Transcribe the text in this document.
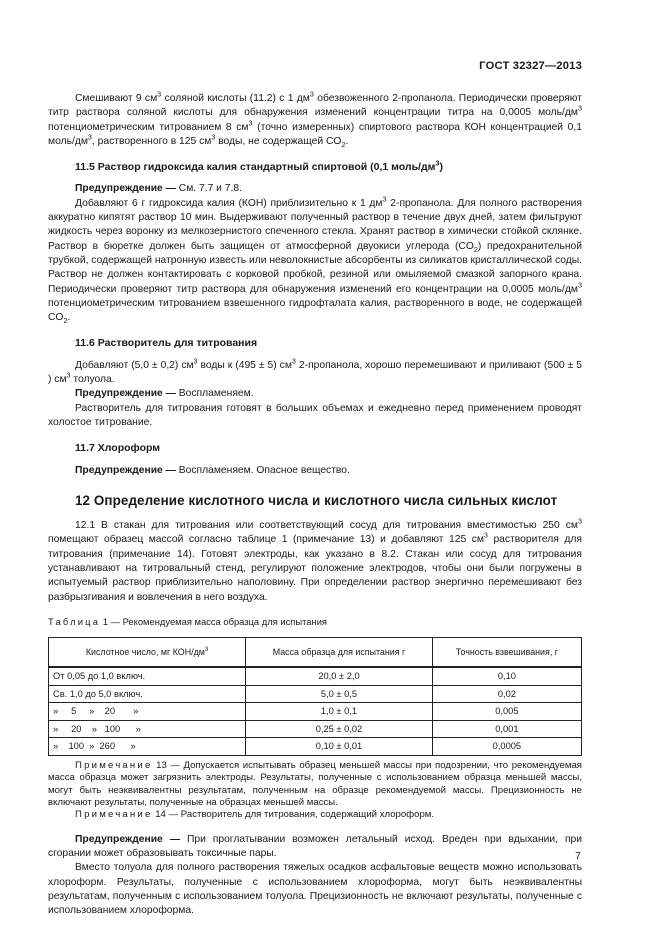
ГОСТ 32327—2013

Смешивают 9 $см^3$ соляной кислоты (11.2) с 1 $дм^3$ обезвоженного 2-пропанола. Периодически проверяют титр раствора соляной кислоты для обнаружения изменений концентрации титра на 0,0005 моль/$дм^3$ потенциометрическим титрованием 8 $см^3$ (точно измеренных) спиртового раствора КОН концентрацией 0,1 моль/$дм^3$, растворенного в 125 $см^3$ воды, не содержащей $CO_2$.

11.5 Раствор гидроксида калия стандартный спиртовой (0,1 моль/$дм^3$)

Предупреждение — См. 7.7 и 7.8.

Добавляют 6 г гидроксида калия (КОН) приблизительно к 1 $дм^3$ 2-пропанола. Для полного растворения аккуратно кипятят раствор 10 мин. Выдерживают полученный раствор в течение двух дней, затем фильтруют жидкость через воронку из мелкозернистого спеченного стекла. Хранят раствор в химически стойкой склянке. Раствор в бюретке должен быть защищен от атмосферной двуокиси углерода $(CO_2)$ предохранительной трубкой, содержащей натронную известь или неволокнистые абсорбенты из силикатов кристаллической соды. Раствор не должен контактировать с корковой пробкой, резиной или омыляемой смазкой запорного крана. Периодически проверяют титр раствора для обнаружения изменений его концентрации на 0,0005 моль/$дм^3$ потенциометрическим титрованием взвешенного гидрофталата калия, растворенного в воде, не содержащей $CO_2$.

11.6 Растворитель для титрования

Добавляют (5,0 ± 0,2) $см^3$ воды к (495 ± 5) $см^3$ 2-пропанола, хорошо перемешивают и приливают (500 ± 5 ) $см^3$ толуола.

Предупреждение — Воспламеняем.

Растворитель для титрования готовят в больших объемах и ежедневно перед применением проводят холостое титрование.

11.7 Хлороформ

Предупреждение — Воспламеняем. Опасное вещество.

12 Определение кислотного числа и кислотного числа сильных кислот

12.1 В стакан для титрования или соответствующий сосуд для титрования вместимостью 250 $см^3$ помещают образец массой согласно таблице 1 (примечание 13) и добавляют 125 $см^3$ растворителя для титрования (примечание 14). Готовят электроды, как указано в 8.2. Стакан или сосуд для титрования устанавливают на титровальный стенд, регулируют положение электродов, чтобы они были погружены в испытуемый раствор приблизительно наполовину. При определении раствор энергично перемешивают без разбрызгивания и вовлечения в него воздуха.

Таблица 1 — Рекомендуемая масса образца для испытания
Кислотное число, мг КОН/$дм^3$	Масса образца для испытания г	Точность взвешивания, г
От 0,05 до 1,0 включ.	20,0 ± 2,0	0,10
Св. 1,0 до 5,0 включ.	5,0 ± 0,5	0,02
»     5     »    20       »	1,0 ± 0,1	0,005
»     20    »   100      »	0,25 ± 0,02	0,001
»    100  »  260      »	0,10 ± 0,01	0,0005

Примечание 13 — Допускается испытывать образец меньшей массы при подозрении, что рекомендуемая масса образца может загрязнить электроды. Результаты, полученные с использованием образца меньшей массы, могут быть неэквивалентны результатам, полученным на образце рекомендуемой массы. Прецизионность не включают результаты, полученные на образцах меньшей массы.

Примечание 14 — Растворитель для титрования, содержащий хлороформ.

Предупреждение — При проглатывании возможен летальный исход. Вреден при вдыхании, при сгорании может образовывать токсичные пары.

Вместо толуола для полного растворения тяжелых осадков асфальтовые веществ можно использовать хлороформ. Результаты, полученные с использованием хлороформа, могут быть неэквивалентны результатам, полученным с использованием толуола. Прецизионность не включают результаты, полученные с использованием хлороформа.

7
